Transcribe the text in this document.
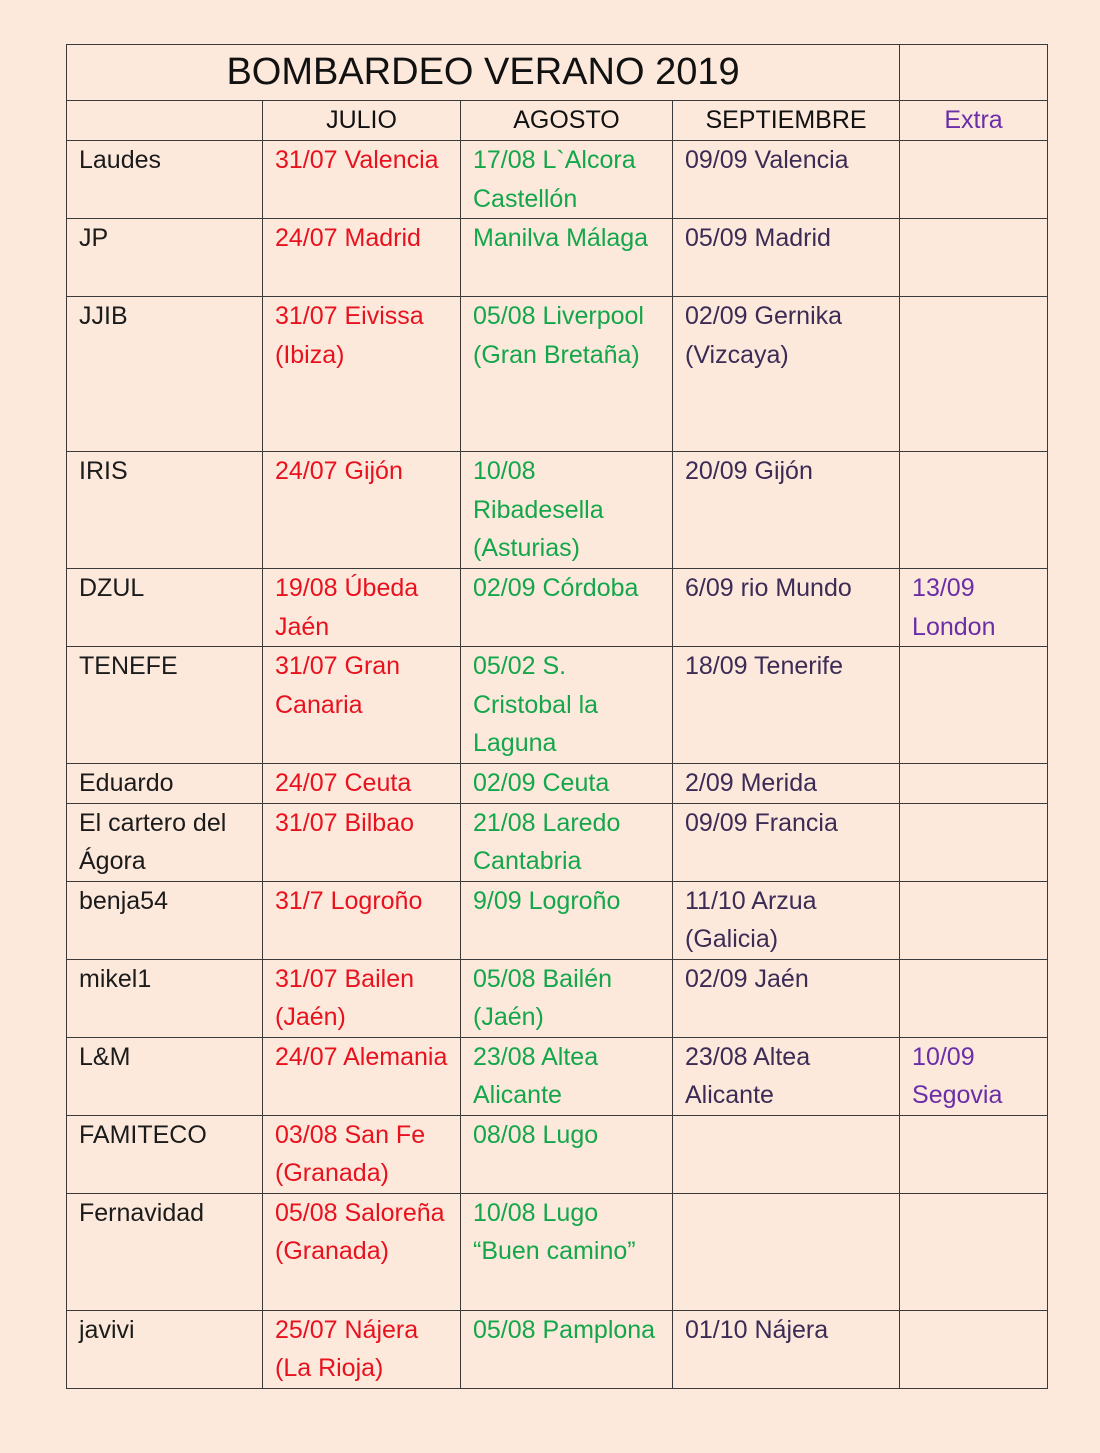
BOMBARDEO VERANO 2019				
	JULIO	AGOSTO	SEPTIEMBRE	Extra
Laudes	31/07 Valencia	17/08 L`Alcora Castellón	09/09 Valencia	
JP	24/07 Madrid	Manilva Málaga	05/09 Madrid	
JJIB	31/07 Eivissa (Ibiza)	05/08 Liverpool (Gran Bretaña)	02/09 Gernika (Vizcaya)	
IRIS	24/07 Gijón	10/08 Ribadesella (Asturias)	20/09 Gijón	
DZUL	19/08 Úbeda Jaén	02/09 Córdoba	6/09 rio Mundo	13/09 London
TENEFE	31/07 Gran Canaria	05/02 S. Cristobal la Laguna	18/09 Tenerife	
Eduardo	24/07 Ceuta	02/09 Ceuta	2/09 Merida	
El cartero del Ágora	31/07 Bilbao	21/08 Laredo Cantabria	09/09 Francia	
benja54	31/7 Logroño	9/09 Logroño	11/10 Arzua (Galicia)	
mikel1	31/07 Bailen (Jaén)	05/08 Bailén (Jaén)	02/09 Jaén	
L&M	24/07 Alemania	23/08 Altea Alicante	23/08 Altea Alicante	10/09 Segovia
FAMITECO	03/08 San Fe (Granada)	08/08 Lugo		
Fernavidad	05/08 Saloreña (Granada)	10/08 Lugo “Buen camino”		
javivi	25/07 Nájera (La Rioja)	05/08 Pamplona	01/10 Nájera	
